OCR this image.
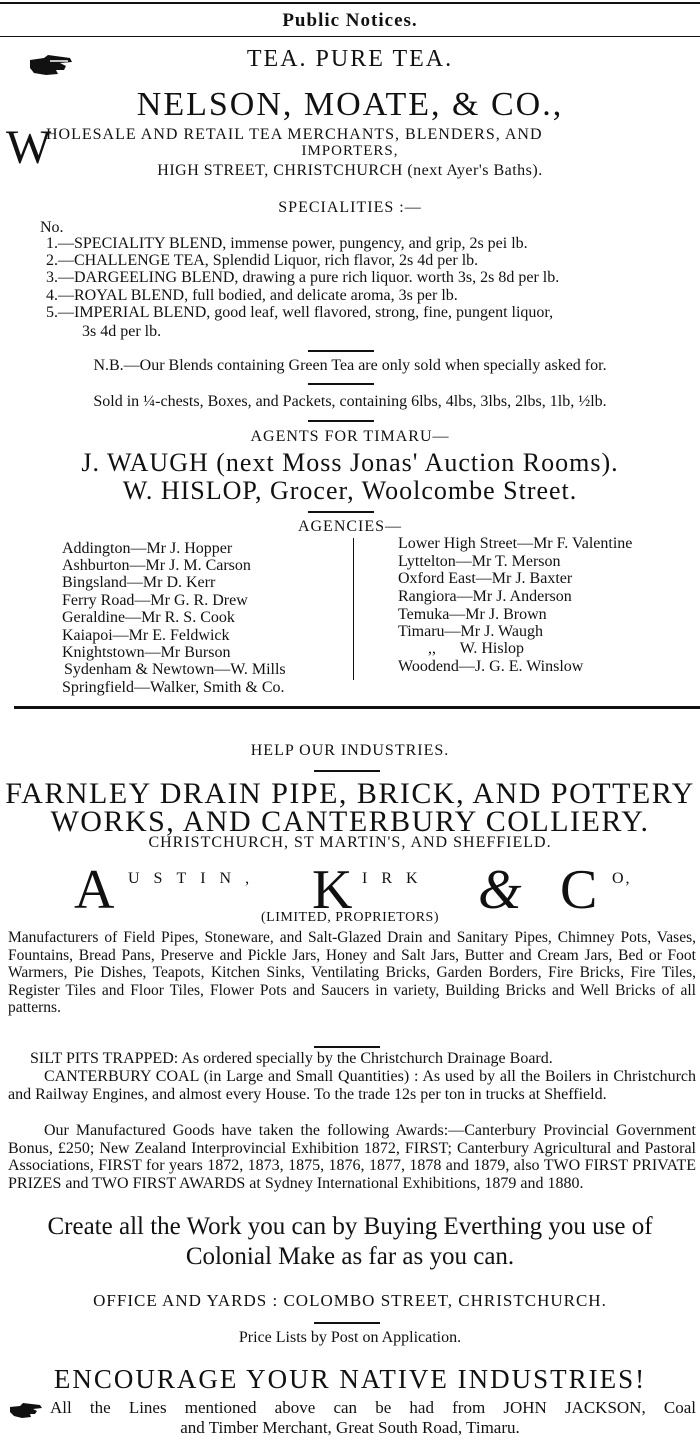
Public Notices.
TEA. PURE TEA.
NELSON, MOATE, & CO.,
W
HOLESALE AND RETAIL TEA MERCHANTS, BLENDERS, AND
IMPORTERS,
HIGH STREET, CHRISTCHURCH (next Ayer's Baths).
SPECIALITIES :—
No.
1.—SPECIALITY BLEND, immense power, pungency, and grip, 2s pei lb.
2.—CHALLENGE TEA, Splendid Liquor, rich flavor, 2s 4d per lb.
3.—DARGEELING BLEND, drawing a pure rich liquor. worth 3s, 2s 8d per lb.
4.—ROYAL BLEND, full bodied, and delicate aroma, 3s per lb.
5.—IMPERIAL BLEND, good leaf, well flavored, strong, fine, pungent liquor,
3s 4d per lb.
N.B.—Our Blends containing Green Tea are only sold when specially asked for.
Sold in ¼-chests, Boxes, and Packets, containing 6lbs, 4lbs, 3lbs, 2lbs, 1lb, ½lb.
AGENTS FOR TIMARU—
J. WAUGH (next Moss Jonas' Auction Rooms).
W. HISLOP, Grocer, Woolcombe Street.
AGENCIES—
Addington—Mr J. Hopper
Ashburton—Mr J. M. Carson
Bingsland—Mr D. Kerr
Ferry Road—Mr G. R. Drew
Geraldine—Mr R. S. Cook
Kaiapoi—Mr E. Feldwick
Knightstown—Mr Burson
Sydenham & Newtown—W. Mills
Springfield—Walker, Smith & Co.
Lower High Street—Mr F. Valentine
Lyttelton—Mr T. Merson
Oxford East—Mr J. Baxter
Rangiora—Mr J. Anderson
Temuka—Mr J. Brown
Timaru—Mr J. Waugh
,,      W. Hislop
Woodend—J. G. E. Winslow
HELP OUR INDUSTRIES.
FARNLEY DRAIN PIPE, BRICK, AND POTTERY
WORKS, AND CANTERBURY COLLIERY.
CHRISTCHURCH, ST MARTIN'S, AND SHEFFIELD.
A USTIN, K IRK & C O,
(LIMITED, PROPRIETORS)
Manufacturers of Field Pipes, Stoneware, and Salt-Glazed Drain and Sanitary Pipes, Chimney Pots, Vases, Fountains, Bread Pans, Preserve and Pickle Jars, Honey and Salt Jars, Butter and Cream Jars, Bed or Foot Warmers, Pie Dishes, Teapots, Kitchen Sinks, Ventilating Bricks, Garden Borders, Fire Bricks, Fire Tiles, Register Tiles and Floor Tiles, Flower Pots and Saucers in variety, Building Bricks and Well Bricks of all patterns.
SILT PITS TRAPPED: As ordered specially by the Christchurch Drainage Board.
CANTERBURY COAL (in Large and Small Quantities) : As used by all the Boilers in Christchurch and Railway Engines, and almost every House. To the trade 12s per ton in trucks at Sheffield.
Our Manufactured Goods have taken the following Awards:—Canterbury Provincial Government Bonus, £250; New Zealand Interprovincial Exhibition 1872, FIRST; Canterbury Agricultural and Pastoral Associations, FIRST for years 1872, 1873, 1875, 1876, 1877, 1878 and 1879, also TWO FIRST PRIVATE PRIZES and TWO FIRST AWARDS at Sydney International Exhibitions, 1879 and 1880.
Create all the Work you can by Buying Everthing you use of
Colonial Make as far as you can.
OFFICE AND YARDS : COLOMBO STREET, CHRISTCHURCH.
Price Lists by Post on Application.
ENCOURAGE YOUR NATIVE INDUSTRIES!
All the Lines mentioned above can be had from JOHN JACKSON, Coal
and Timber Merchant, Great South Road, Timaru.
